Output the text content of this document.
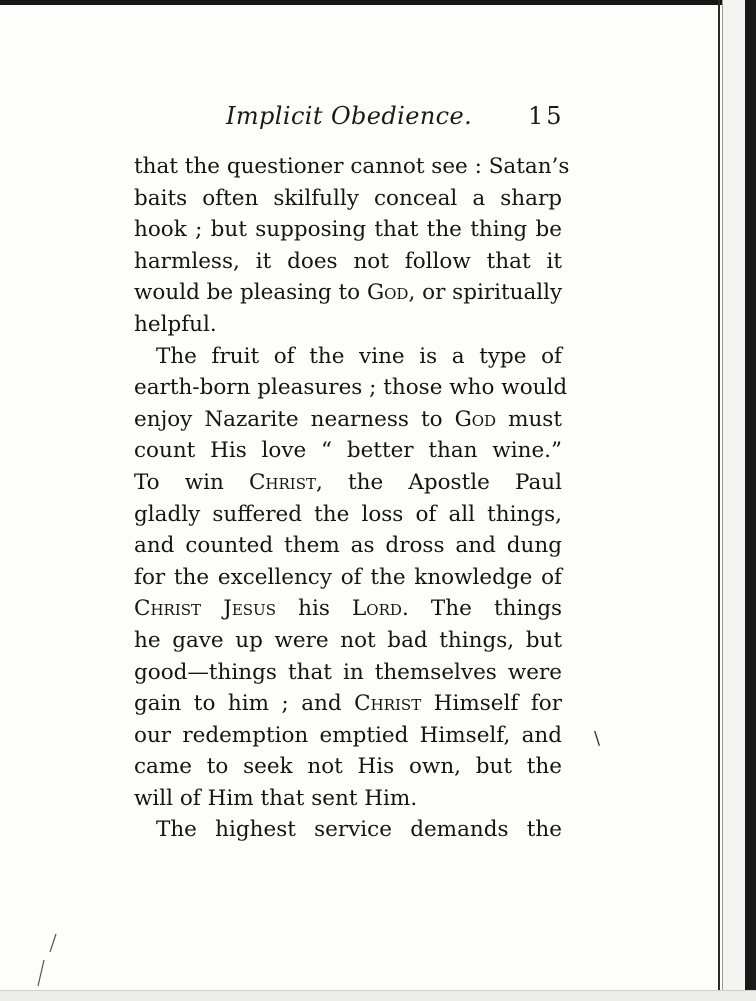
Implicit Obedience. 15
that the questioner cannot see : Satan’s
baits often skilfully conceal a sharp
hook ; but supposing that the thing be
harmless, it does not follow that it
would be pleasing to God, or spiritually
helpful.
The fruit of the vine is a type of
earth-born pleasures ; those who would
enjoy Nazarite nearness to God must
count His love “ better than wine.”
To win Christ, the Apostle Paul
gladly suffered the loss of all things,
and counted them as dross and dung
for the excellency of the knowledge of
Christ Jesus his Lord. The things
he gave up were not bad things, but
good—things that in themselves were
gain to him ; and Christ Himself for
our redemption emptied Himself, and
came to seek not His own, but the
will of Him that sent Him.
The highest service demands the
\
